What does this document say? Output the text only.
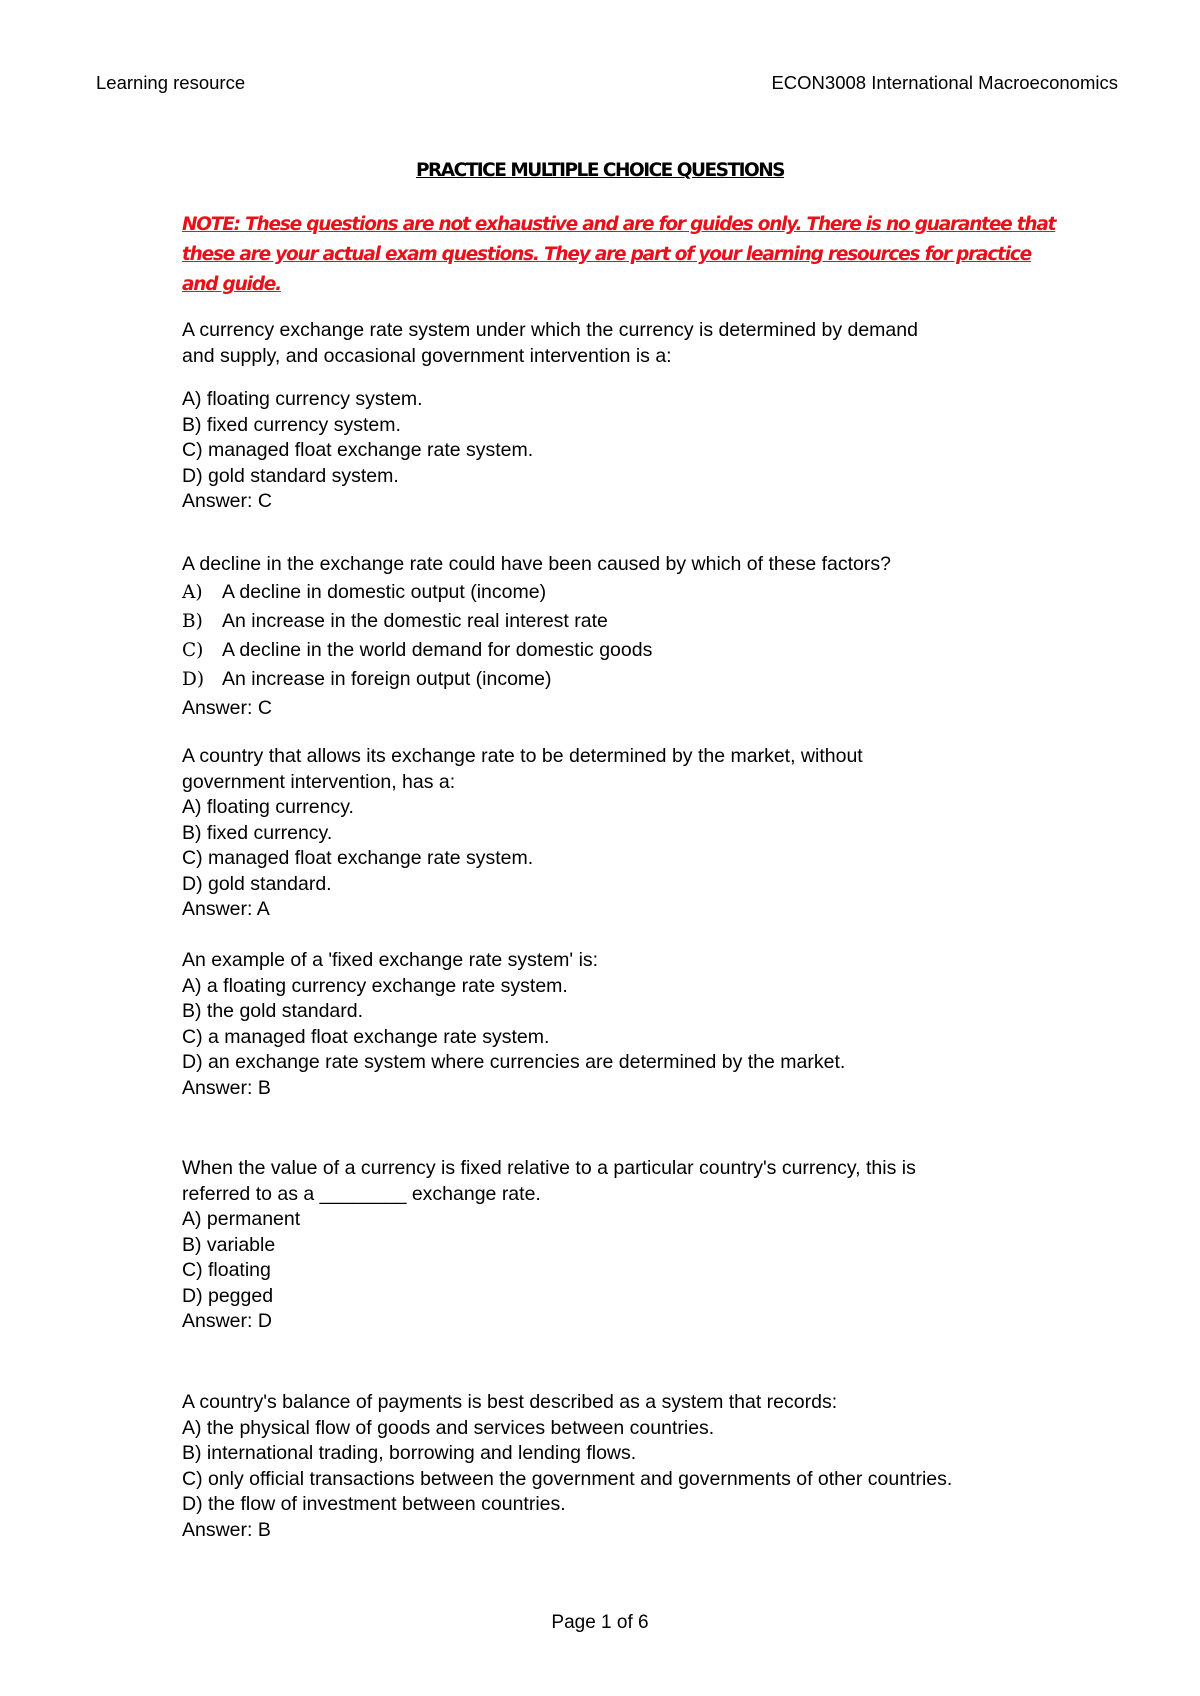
Learning resource	ECON3008 International Macroeconomics
PRACTICE MULTIPLE CHOICE QUESTIONS
NOTE: These questions are not exhaustive and are for guides only. There is no guarantee that these are your actual exam questions. They are part of your learning resources for practice and guide.
A currency exchange rate system under which the currency is determined by demand
and supply, and occasional government intervention is a:
A) floating currency system.
B) fixed currency system.
C) managed float exchange rate system.
D) gold standard system.
Answer: C
A decline in the exchange rate could have been caused by which of these factors?
A) A decline in domestic output (income)
B) An increase in the domestic real interest rate
C) A decline in the world demand for domestic goods
D) An increase in foreign output (income)
Answer: C
A country that allows its exchange rate to be determined by the market, without
government intervention, has a:
A) floating currency.
B) fixed currency.
C) managed float exchange rate system.
D) gold standard.
Answer: A
An example of a 'fixed exchange rate system' is:
A) a floating currency exchange rate system.
B) the gold standard.
C) a managed float exchange rate system.
D) an exchange rate system where currencies are determined by the market.
Answer: B
When the value of a currency is fixed relative to a particular country's currency, this is
referred to as a ________ exchange rate.
A) permanent
B) variable
C) floating
D) pegged
Answer: D
A country's balance of payments is best described as a system that records:
A) the physical flow of goods and services between countries.
B) international trading, borrowing and lending flows.
C) only official transactions between the government and governments of other countries.
D) the flow of investment between countries.
Answer: B
Page 1 of 6
